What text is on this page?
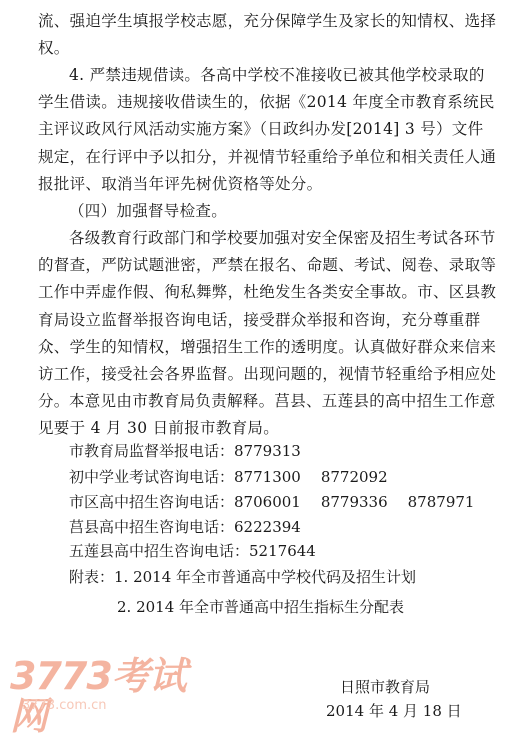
流、强迫学生填报学校志愿，充分保障学生及家长的知情权、选择权。
4. 严禁违规借读。各高中学校不准接收已被其他学校录取的学生借读。违规接收借读生的，依据《2014 年度全市教育系统民主评议政风行风活动实施方案》（日政纠办发[2014] 3 号）文件规定，在行评中予以扣分，并视情节轻重给予单位和相关责任人通报批评、取消当年评先树优资格等处分。
（四）加强督导检查。
各级教育行政部门和学校要加强对安全保密及招生考试各环节的督查，严防试题泄密，严禁在报名、命题、考试、阅卷、录取等工作中弄虚作假、徇私舞弊，杜绝发生各类安全事故。市、区县教育局设立监督举报咨询电话，接受群众举报和咨询，充分尊重群众、学生的知情权，增强招生工作的透明度。认真做好群众来信来访工作，接受社会各界监督。出现问题的，视情节轻重给予相应处分。 本意见由市教育局负责解释。莒县、五莲县的高中招生工作意见要于 4 月 30 日前报市教育局。
市教育局监督举报电话：8779313
初中学业考试咨询电话：8771300 8772092
市区高中招生咨询电话：8706001 8779336 8787971
莒县高中招生咨询电话：6222394
五莲县高中招生咨询电话：5217644
附表：1. 2014 年全市普通高中学校代码及招生计划
2. 2014 年全市普通高中招生指标生分配表
3773考试网
3773.com.cn
日照市教育局
2014 年 4 月 18 日
